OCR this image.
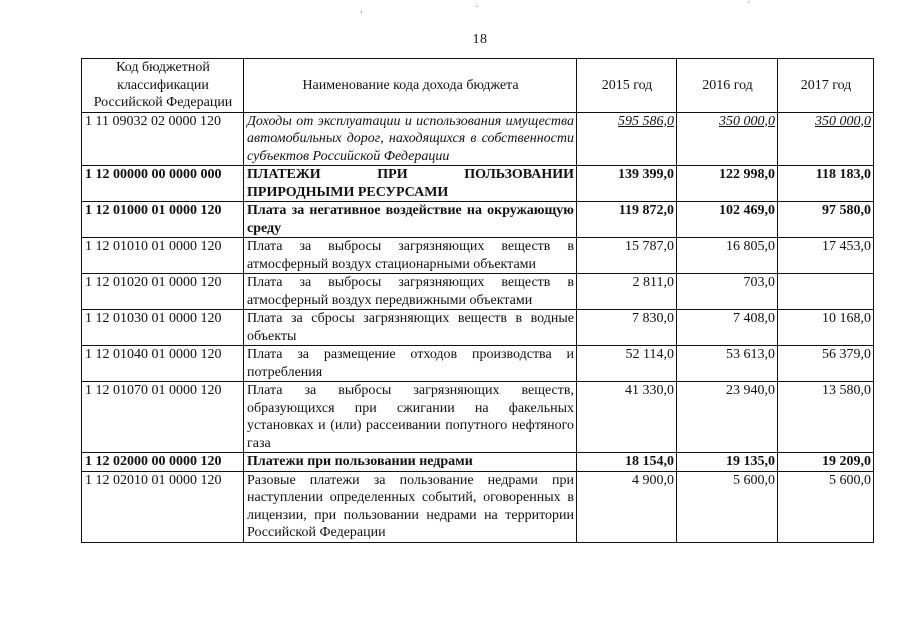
,	·	'
18
Код бюджетной классификации Российской Федерации	Наименование кода дохода бюджета	2015 год	2016 год	2017 год
1 11 09032 02 0000 120	Доходы от эксплуатации и использования имущества автомобильных дорог, находящихся в собственности субъектов Российской Федерации	595 586,0	350 000,0	350 000,0
1 12 00000 00 0000 000	ПЛАТЕЖИ ПРИ ПОЛЬЗОВАНИИ ПРИРОДНЫМИ РЕСУРСАМИ	139 399,0	122 998,0	118 183,0
1 12 01000 01 0000 120	Плата за негативное воздействие на окружающую среду	119 872,0	102 469,0	97 580,0
1 12 01010 01 0000 120	Плата за выбросы загрязняющих веществ в атмосферный воздух стационарными объектами	15 787,0	16 805,0	17 453,0
1 12 01020 01 0000 120	Плата за выбросы загрязняющих веществ в атмосферный воздух передвижными объектами	2 811,0	703,0	
1 12 01030 01 0000 120	Плата за сбросы загрязняющих веществ в водные объекты	7 830,0	7 408,0	10 168,0
1 12 01040 01 0000 120	Плата за размещение отходов производства и потребления	52 114,0	53 613,0	56 379,0
1 12 01070 01 0000 120	Плата за выбросы загрязняющих веществ, образующихся при сжигании на факельных установках и (или) рассеивании попутного нефтяного газа	41 330,0	23 940,0	13 580,0
1 12 02000 00 0000 120	Платежи при пользовании недрами	18 154,0	19 135,0	19 209,0
1 12 02010 01 0000 120	Разовые платежи за пользование недрами при наступлении определенных событий, оговоренных в лицензии, при пользовании недрами на территории Российской Федерации	4 900,0	5 600,0	5 600,0
